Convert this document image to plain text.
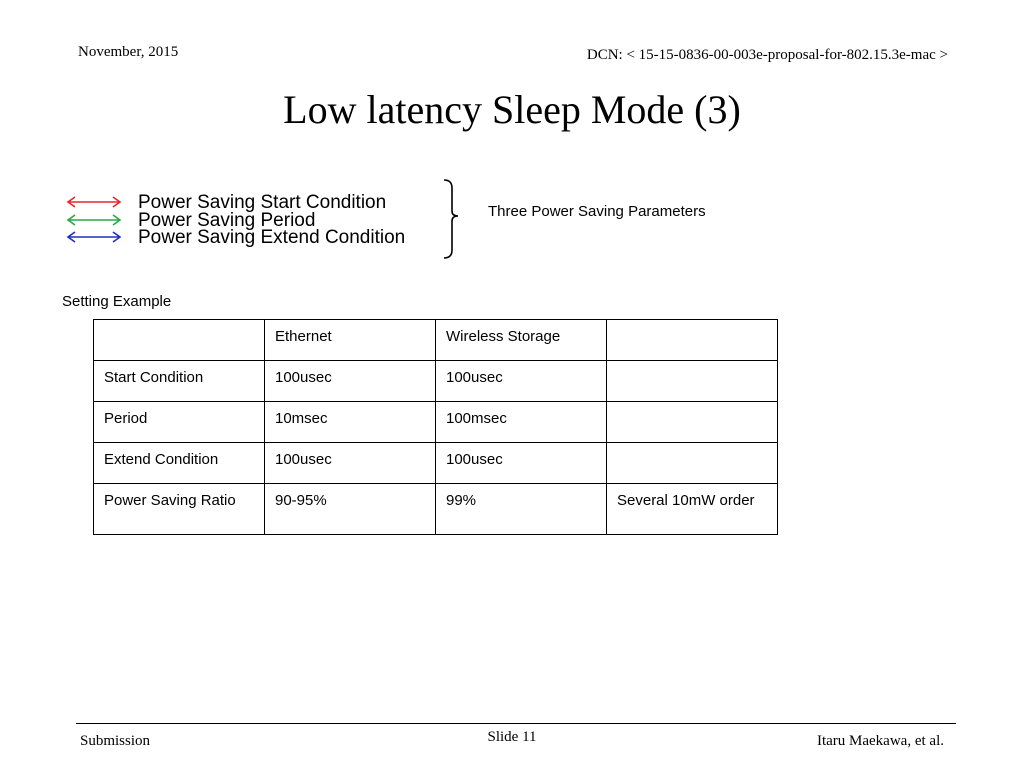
November, 2015	DCN: < 15-15-0836-00-003e-proposal-for-802.15.3e-mac >
Low latency Sleep Mode (3)
Power Saving Start Condition
Power Saving Period
Power Saving Extend Condition
Three Power Saving Parameters
Setting Example
	Ethernet	Wireless Storage	
Start Condition	100usec	100usec	
Period	10msec	100msec	
Extend Condition	100usec	100usec	
Power Saving Ratio	90-95%	99%	Several 10mW order
Submission	Slide 11	Itaru Maekawa, et al.
